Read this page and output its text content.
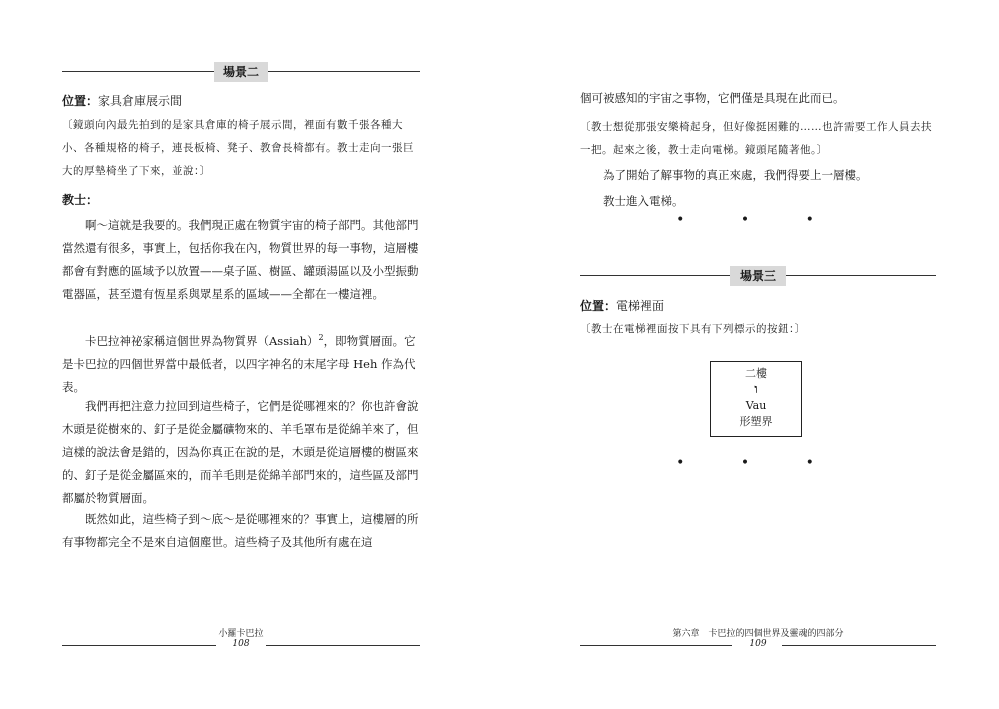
場景二
位置：家具倉庫展示間
〔鏡頭向內最先拍到的是家具倉庫的椅子展示間，裡面有數千張各種大小、各種規格的椅子，連長板椅、凳子、教會長椅都有。教士走向一張巨大的厚墊椅坐了下來，並說：〕
教士：
啊～這就是我要的。我們現正處在物質宇宙的椅子部門。其他部門當然還有很多，事實上，包括你我在內，物質世界的每一事物，這層樓都會有對應的區域予以放置——桌子區、樹區、罐頭湯區以及小型振動電器區，甚至還有恆星系與眾星系的區域——全都在一樓這裡。
卡巴拉神祕家稱這個世界為物質界（Assiah）$^2$，即物質層面。它是卡巴拉的四個世界當中最低者，以四字神名的末尾字母 Heh 作為代表。
我們再把注意力拉回到這些椅子，它們是從哪裡來的？你也許會說木頭是從樹來的、釘子是從金屬礦物來的、羊毛罩布是從綿羊來了，但這樣的說法會是錯的，因為你真正在說的是，木頭是從這層樓的樹區來的、釘子是從金屬區來的，而羊毛則是從綿羊部門來的，這些區及部門都屬於物質層面。
既然如此，這些椅子到～底～是從哪裡來的？事實上，這樓層的所有事物都完全不是來自這個塵世。這些椅子及其他所有處在這
小羅卡巴拉
108
個可被感知的宇宙之事物，它們僅是具現在此而已。
〔教士想從那張安樂椅起身，但好像挺困難的……也許需要工作人員去扶一把。起來之後，教士走向電梯。鏡頭尾隨著他。〕
為了開始了解事物的真正來處，我們得要上一層樓。
教士進入電梯。
• • •
場景三
位置：電梯裡面
〔教士在電梯裡面按下具有下列標示的按鈕：〕
二樓
ו
Vau
形塑界
• • •
第六章　卡巴拉的四個世界及靈魂的四部分
109
